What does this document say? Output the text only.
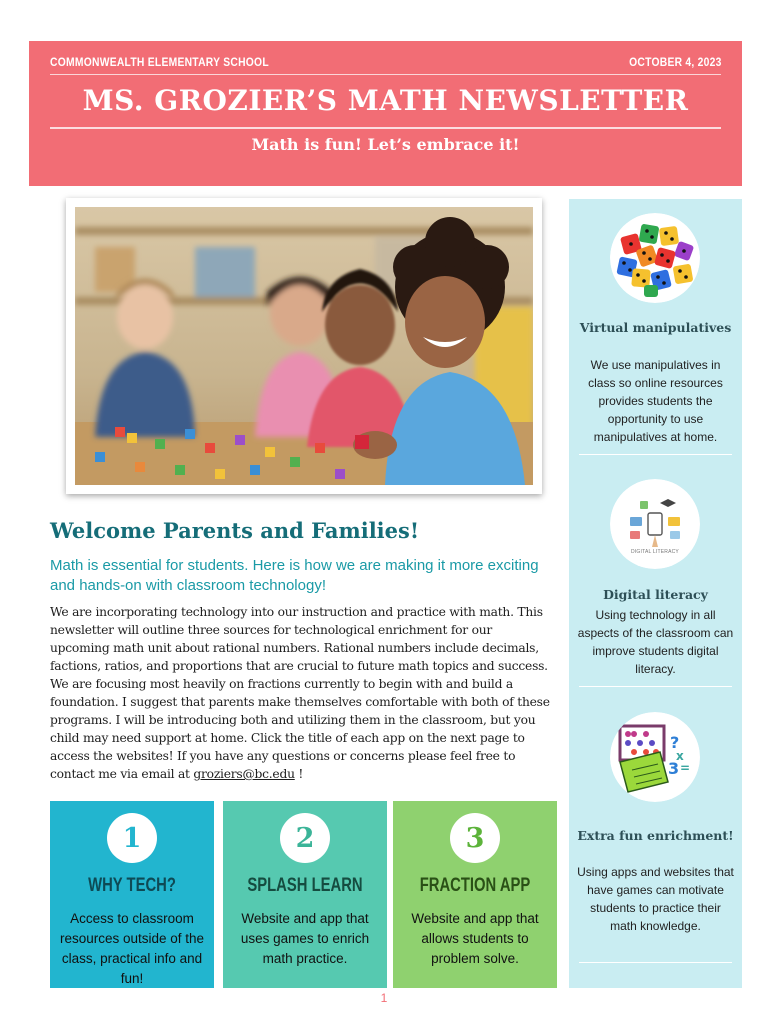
COMMONWEALTH ELEMENTARY SCHOOL	OCTOBER 4, 2023
MS. GROZIER’S MATH NEWSLETTER
Math is fun! Let’s embrace it!
Welcome Parents and Families!
Math is essential for students. Here is how we are making it more exciting and hands-on with classroom technology!
We are incorporating technology into our instruction and practice with math. This newsletter will outline three sources for technological enrichment for our upcoming math unit about rational numbers. Rational numbers include decimals, factions, ratios, and proportions that are crucial to future math topics and success. We are focusing most heavily on fractions currently to begin with and build a foundation. I suggest that parents make themselves comfortable with both of these programs. I will be introducing both and utilizing them in the classroom, but you child may need support at home. Click the title of each app on the next page to access the websites! If you have any questions or concerns please feel free to contact me via email at groziers@bc.edu !
1
WHY TECH?
Access to classroom resources outside of the class, practical info and fun!
2
SPLASH LEARN
Website and app that uses games to enrich math practice.
3
FRACTION APP
Website and app that allows students to problem solve.
1
Virtual manipulatives
We use manipulatives in class so online resources provides students the opportunity to use manipulatives at home.
DIGITAL LITERACY
Digital literacy
Using technology in all aspects of the classroom can improve students digital literacy.
?
x
3 =
Extra fun enrichment!
Using apps and websites that have games can motivate students to practice their math knowledge.
